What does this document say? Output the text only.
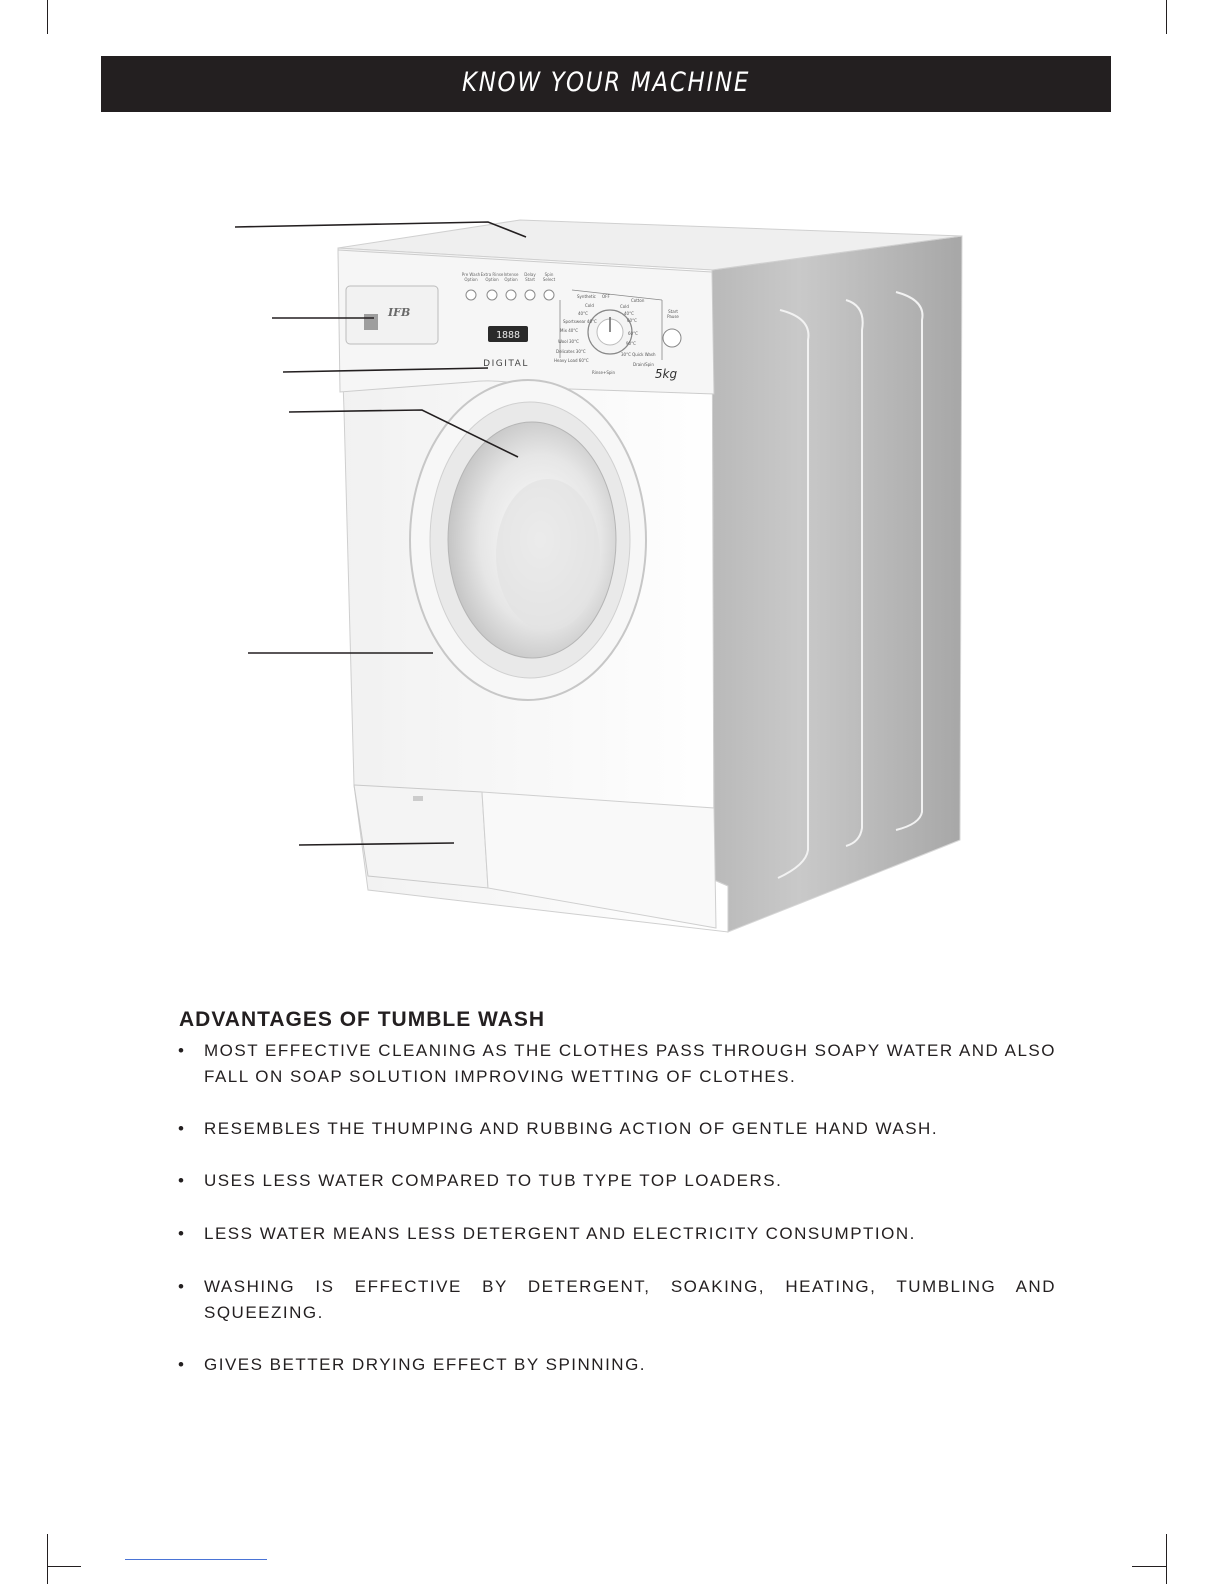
KNOW YOUR MACHINE
IFB
Pre Wash
Option
Extra Rinse
Option
Intense
Option
Delay
Start
Spin
Select
1888
DIGITAL
Synthetic OFF
Cotton
Cold	Cold
40°C	40°C
Sportswear 40°C	60°C
Mix 40°C
60°C
Wool 30°C	90°C
Delicates 30°C
30°C Quick Wash
Heavy Load 60°C
Drain/Spin
Rinse+Spin
Start
Pause
5kg
ADVANTAGES OF TUMBLE WASH
• MOST EFFECTIVE CLEANING AS THE CLOTHES PASS THROUGH SOAPY WATER AND ALSO FALL ON SOAP SOLUTION IMPROVING WETTING OF CLOTHES.
• RESEMBLES THE THUMPING AND RUBBING ACTION OF GENTLE HAND WASH.
• USES LESS WATER COMPARED TO TUB TYPE TOP LOADERS.
• LESS WATER MEANS LESS DETERGENT AND ELECTRICITY CONSUMPTION.
• WASHING IS EFFECTIVE BY DETERGENT, SOAKING, HEATING, TUMBLING AND SQUEEZING.
• GIVES BETTER DRYING EFFECT BY SPINNING.
